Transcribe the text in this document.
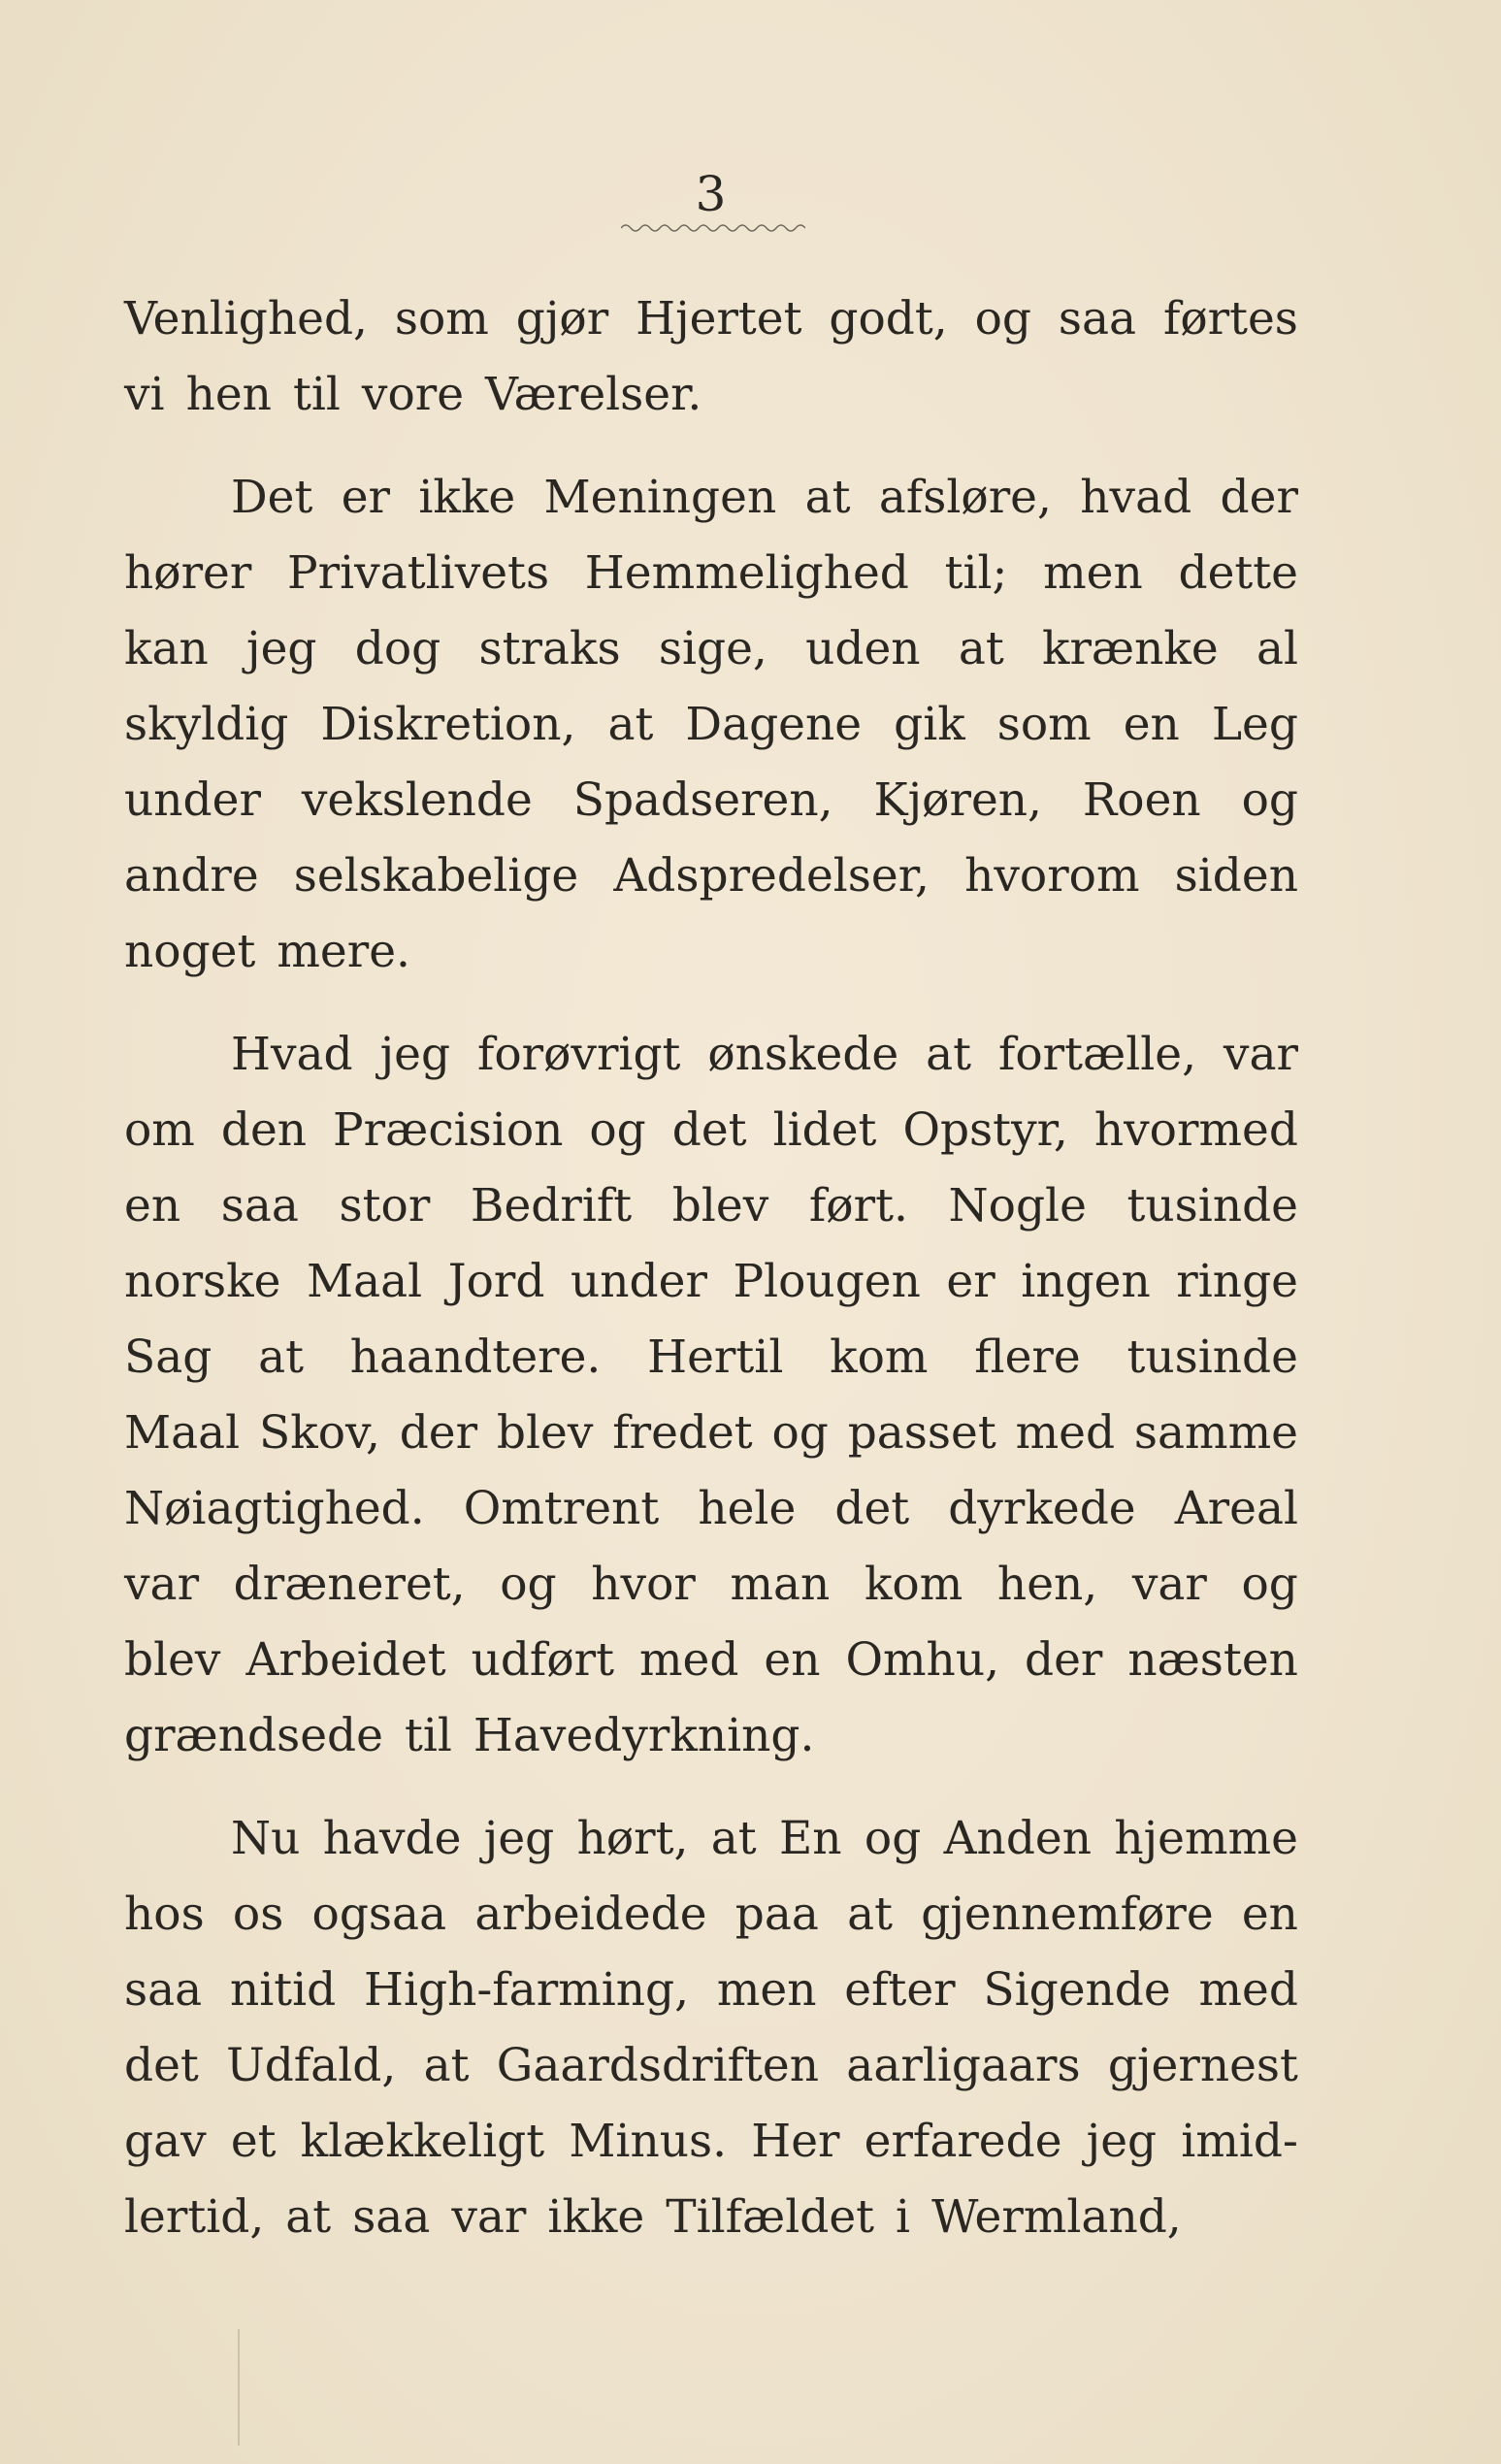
3
Venlighed, som gjør Hjertet godt, og saa førtes
vi hen til vore Værelser.
Det er ikke Meningen at afsløre, hvad der
hører Privatlivets Hemmelighed til; men dette
kan jeg dog straks sige, uden at krænke al
skyldig Diskretion, at Dagene gik som en Leg
under vekslende Spadseren, Kjøren, Roen og
andre selskabelige Adspredelser, hvorom siden
noget mere.
Hvad jeg forøvrigt ønskede at fortælle, var
om den Præcision og det lidet Opstyr, hvormed
en saa stor Bedrift blev ført. Nogle tusinde
norske Maal Jord under Plougen er ingen ringe
Sag at haandtere. Hertil kom flere tusinde
Maal Skov, der blev fredet og passet med samme
Nøiagtighed. Omtrent hele det dyrkede Areal
var dræneret, og hvor man kom hen, var og
blev Arbeidet udført med en Omhu, der næsten
grændsede til Havedyrkning.
Nu havde jeg hørt, at En og Anden hjemme
hos os ogsaa arbeidede paa at gjennemføre en
saa nitid High-farming, men efter Sigende med
det Udfald, at Gaardsdriften aarligaars gjernest
gav et klækkeligt Minus. Her erfarede jeg imid-
lertid, at saa var ikke Tilfældet i Wermland,
